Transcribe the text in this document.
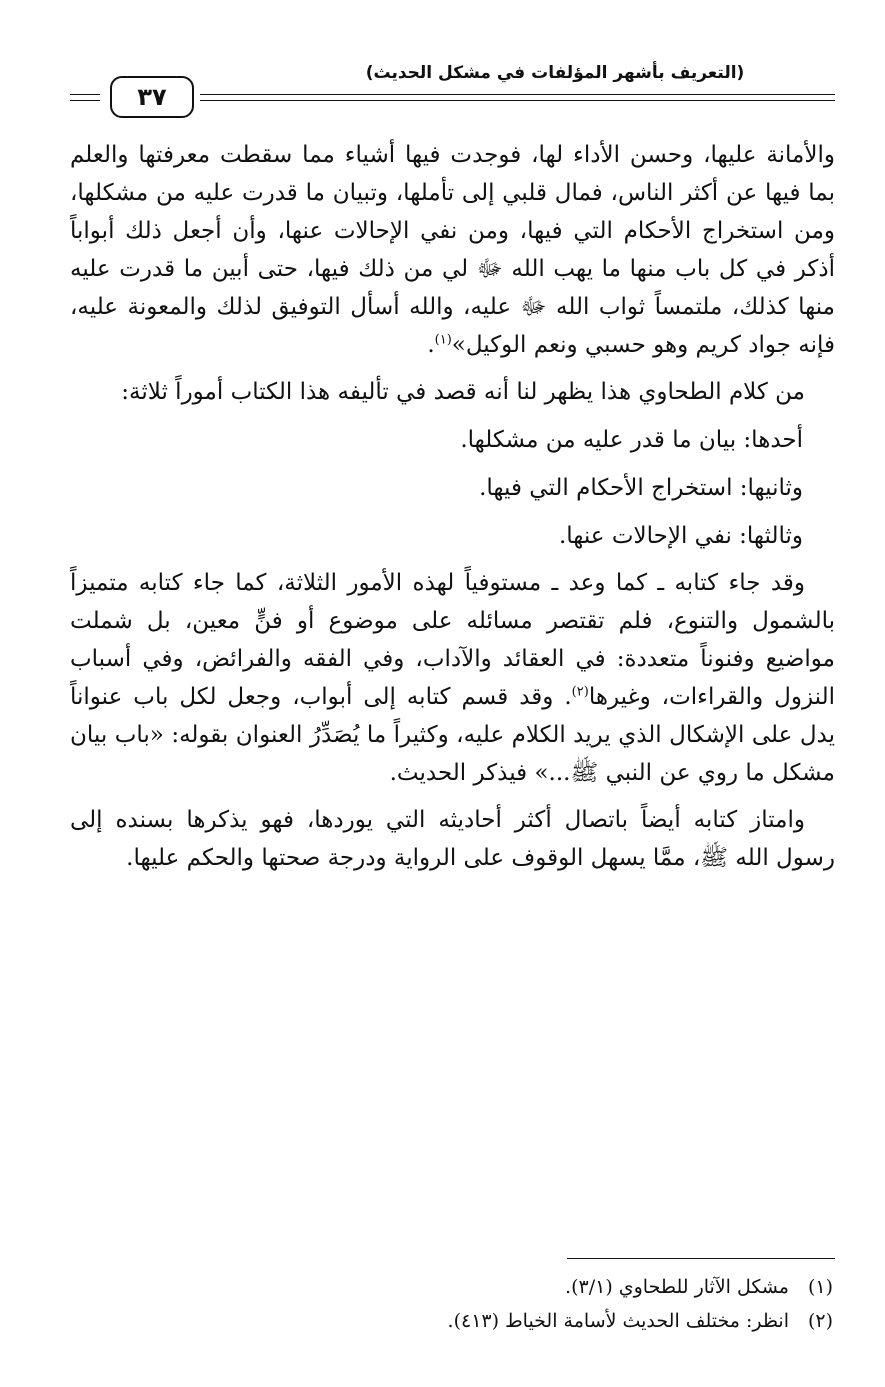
(التعريف بأشهر المؤلفات في مشكل الحديث)
٣٧

والأمانة عليها، وحسن الأداء لها، فوجدت فيها أشياء مما سقطت معرفتها والعلم بما فيها عن أكثر الناس، فمال قلبي إلى تأملها، وتبيان ما قدرت عليه من مشكلها، ومن استخراج الأحكام التي فيها، ومن نفي الإحالات عنها، وأن أجعل ذلك أبواباً أذكر في كل باب منها ما يهب الله ﷻ لي من ذلك فيها، حتى أبين ما قدرت عليه منها كذلك، ملتمساً ثواب الله ﷻ عليه، والله أسأل التوفيق لذلك والمعونة عليه، فإنه جواد كريم وهو حسبي ونعم الوكيل»$^{(١)}$.

من كلام الطحاوي هذا يظهر لنا أنه قصد في تأليفه هذا الكتاب أموراً ثلاثة:

أحدها: بيان ما قدر عليه من مشكلها.

وثانيها: استخراج الأحكام التي فيها.

وثالثها: نفي الإحالات عنها.

وقد جاء كتابه ـ كما وعد ـ مستوفياً لهذه الأمور الثلاثة، كما جاء كتابه متميزاً بالشمول والتنوع، فلم تقتصر مسائله على موضوع أو فنٍّ معين، بل شملت مواضيع وفنوناً متعددة: في العقائد والآداب، وفي الفقه والفرائض، وفي أسباب النزول والقراءات، وغيرها$^{(٢)}$. وقد قسم كتابه إلى أبواب، وجعل لكل باب عنواناً يدل على الإشكال الذي يريد الكلام عليه، وكثيراً ما يُصَدِّرُ العنوان بقوله: «باب بيان مشكل ما روي عن النبي ﷺ...» فيذكر الحديث.

وامتاز كتابه أيضاً باتصال أكثر أحاديثه التي يوردها، فهو يذكرها بسنده إلى رسول الله ﷺ، ممَّا يسهل الوقوف على الرواية ودرجة صحتها والحكم عليها.

(١)مشكل الآثار للطحاوي (٣/١).
(٢)انظر: مختلف الحديث لأسامة الخياط (٤١٣).
